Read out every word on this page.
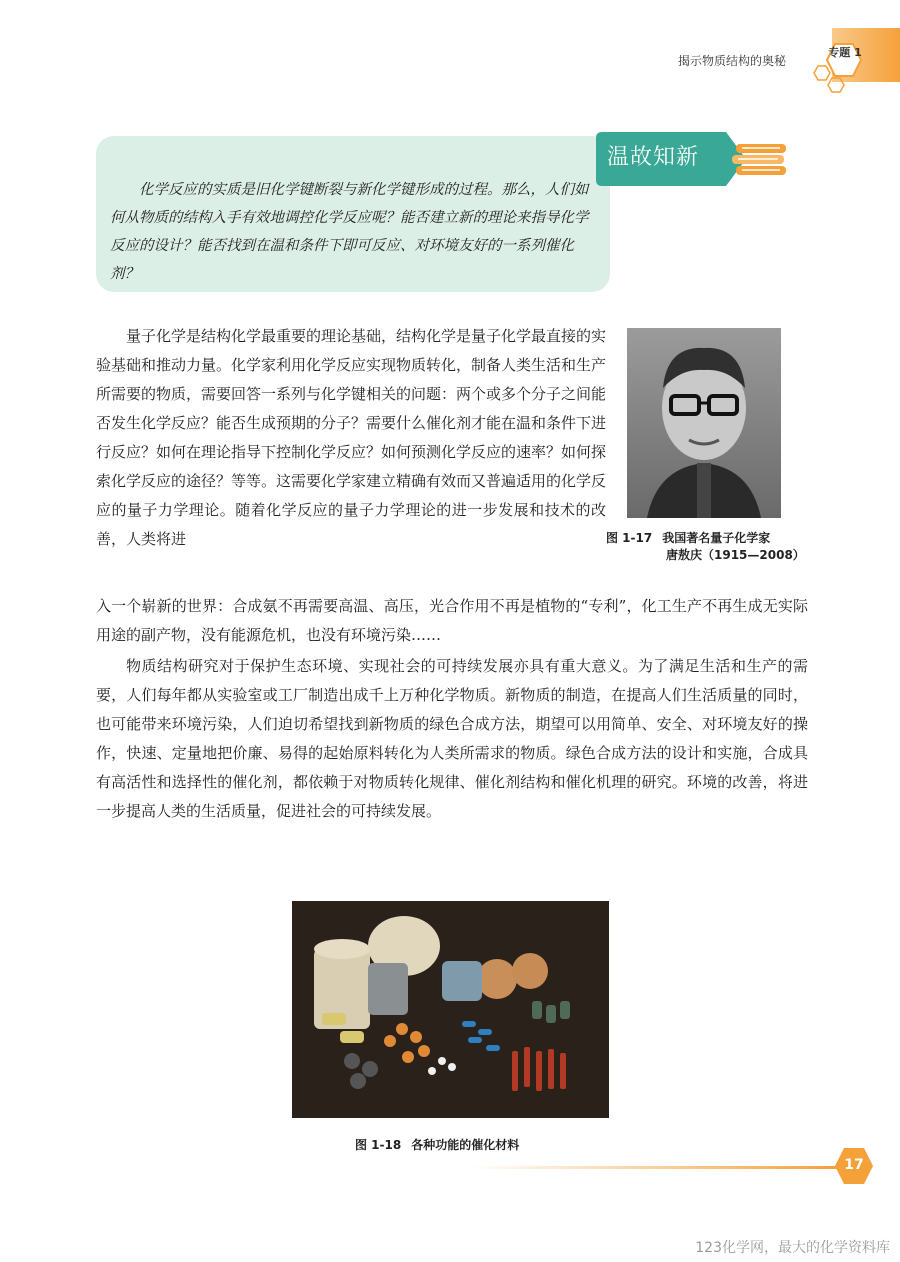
揭示物质结构的奥秘
专题 1
温故知新

化学反应的实质是旧化学键断裂与新化学键形成的过程。那么，人们如何从物质的结构入手有效地调控化学反应呢？能否建立新的理论来指导化学反应的设计？能否找到在温和条件下即可反应、对环境友好的一系列催化剂？

图 1-17 我国著名量子化学家
唐敖庆（1915—2008）

量子化学是结构化学最重要的理论基础，结构化学是量子化学最直接的实验基础和推动力量。化学家利用化学反应实现物质转化，制备人类生活和生产所需要的物质，需要回答一系列与化学键相关的问题：两个或多个分子之间能否发生化学反应？能否生成预期的分子？需要什么催化剂才能在温和条件下进行反应？如何在理论指导下控制化学反应？如何预测化学反应的速率？如何探索化学反应的途径？等等。这需要化学家建立精确有效而又普遍适用的化学反应的量子力学理论。随着化学反应的量子力学理论的进一步发展和技术的改善，人类将进

入一个崭新的世界：合成氨不再需要高温、高压，光合作用不再是植物的“专利”，化工生产不再生成无实际用途的副产物，没有能源危机，也没有环境污染……

物质结构研究对于保护生态环境、实现社会的可持续发展亦具有重大意义。为了满足生活和生产的需要，人们每年都从实验室或工厂制造出成千上万种化学物质。新物质的制造，在提高人们生活质量的同时，也可能带来环境污染，人们迫切希望找到新物质的绿色合成方法，期望可以用简单、安全、对环境友好的操作，快速、定量地把价廉、易得的起始原料转化为人类所需求的物质。绿色合成方法的设计和实施，合成具有高活性和选择性的催化剂，都依赖于对物质转化规律、催化剂结构和催化机理的研究。环境的改善，将进一步提高人类的生活质量，促进社会的可持续发展。

图 1-18 各种功能的催化材料
17
123化学网，最大的化学资料库
